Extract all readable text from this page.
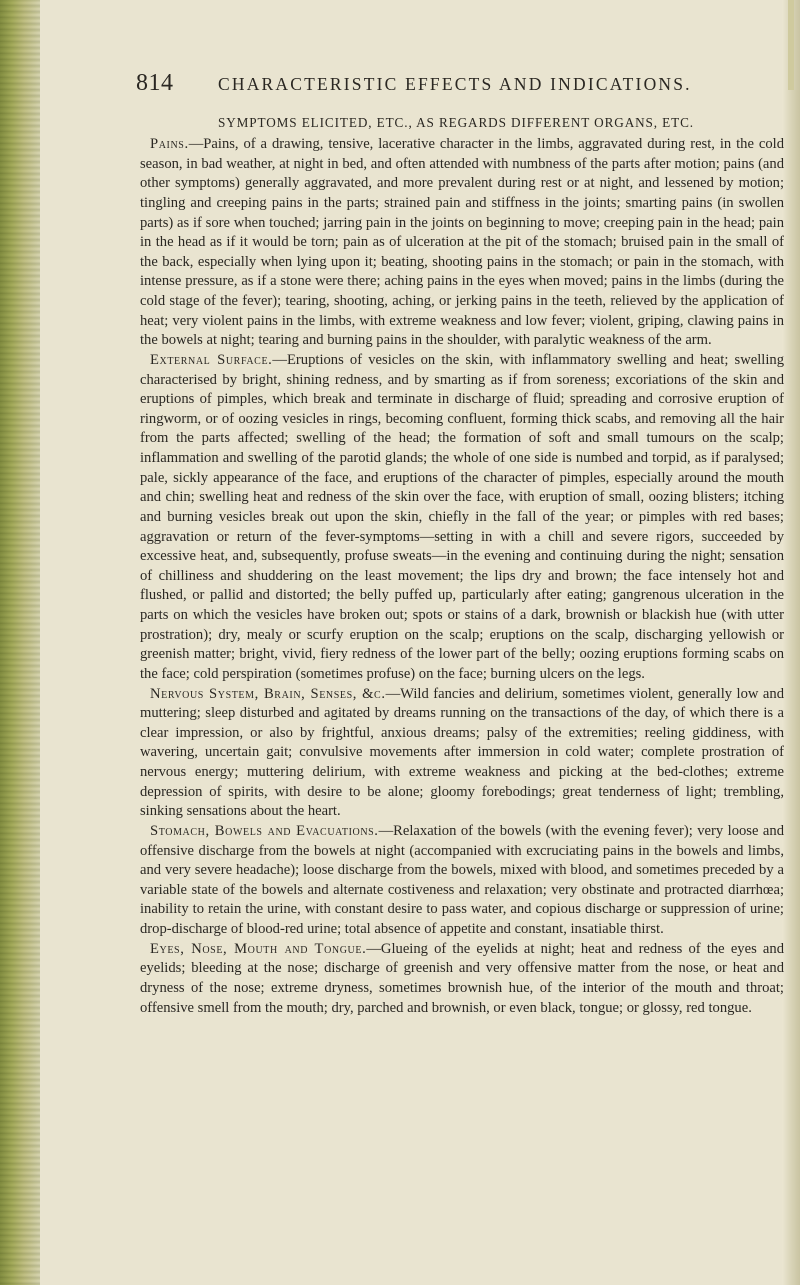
814	CHARACTERISTIC EFFECTS AND INDICATIONS.
SYMPTOMS ELICITED, ETC., AS REGARDS DIFFERENT ORGANS, ETC.

Pains.—Pains, of a drawing, tensive, lacerative character in the limbs, aggravated during rest, in the cold season, in bad weather, at night in bed, and often attended with numbness of the parts after motion; pains (and other symptoms) generally aggravated, and more prevalent during rest or at night, and lessened by motion; tingling and creeping pains in the parts; strained pain and stiffness in the joints; smarting pains (in swollen parts) as if sore when touched; jarring pain in the joints on beginning to move; creeping pain in the head; pain in the head as if it would be torn; pain as of ulceration at the pit of the stomach; bruised pain in the small of the back, especially when lying upon it; beating, shooting pains in the stomach; or pain in the stomach, with intense pressure, as if a stone were there; aching pains in the eyes when moved; pains in the limbs (during the cold stage of the fever); tearing, shooting, aching, or jerking pains in the teeth, relieved by the application of heat; very violent pains in the limbs, with extreme weakness and low fever; violent, griping, clawing pains in the bowels at night; tearing and burning pains in the shoulder, with paralytic weakness of the arm.

External Surface.—Eruptions of vesicles on the skin, with inflammatory swelling and heat; swelling characterised by bright, shining redness, and by smarting as if from soreness; excoriations of the skin and eruptions of pimples, which break and terminate in discharge of fluid; spreading and corrosive eruption of ringworm, or of oozing vesicles in rings, becoming confluent, forming thick scabs, and removing all the hair from the parts affected; swelling of the head; the formation of soft and small tumours on the scalp; inflammation and swelling of the parotid glands; the whole of one side is numbed and torpid, as if paralysed; pale, sickly appearance of the face, and eruptions of the character of pimples, especially around the mouth and chin; swelling heat and redness of the skin over the face, with eruption of small, oozing blisters; itching and burning vesicles break out upon the skin, chiefly in the fall of the year; or pimples with red bases; aggravation or return of the fever-symptoms—setting in with a chill and severe rigors, succeeded by excessive heat, and, subsequently, profuse sweats—in the evening and continuing during the night; sensation of chilliness and shuddering on the least movement; the lips dry and brown; the face intensely hot and flushed, or pallid and distorted; the belly puffed up, particularly after eating; gangrenous ulceration in the parts on which the vesicles have broken out; spots or stains of a dark, brownish or blackish hue (with utter prostration); dry, mealy or scurfy eruption on the scalp; eruptions on the scalp, discharging yellowish or greenish matter; bright, vivid, fiery redness of the lower part of the belly; oozing eruptions forming scabs on the face; cold perspiration (sometimes profuse) on the face; burning ulcers on the legs.

Nervous System, Brain, Senses, &c.—Wild fancies and delirium, sometimes violent, generally low and muttering; sleep disturbed and agitated by dreams running on the transactions of the day, of which there is a clear impression, or also by frightful, anxious dreams; palsy of the extremities; reeling giddiness, with wavering, uncertain gait; convulsive movements after immersion in cold water; complete prostration of nervous energy; muttering delirium, with extreme weakness and picking at the bed-clothes; extreme depression of spirits, with desire to be alone; gloomy forebodings; great tenderness of light; trembling, sinking sensations about the heart.

Stomach, Bowels and Evacuations.—Relaxation of the bowels (with the evening fever); very loose and offensive discharge from the bowels at night (accompanied with excruciating pains in the bowels and limbs, and very severe headache); loose discharge from the bowels, mixed with blood, and sometimes preceded by a variable state of the bowels and alternate costiveness and relaxation; very obstinate and protracted diarrhœa; inability to retain the urine, with constant desire to pass water, and copious discharge or suppression of urine; drop-discharge of blood-red urine; total absence of appetite and constant, insatiable thirst.

Eyes, Nose, Mouth and Tongue.—Glueing of the eyelids at night; heat and redness of the eyes and eyelids; bleeding at the nose; discharge of greenish and very offensive matter from the nose, or heat and dryness of the nose; extreme dryness, sometimes brownish hue, of the interior of the mouth and throat; offensive smell from the mouth; dry, parched and brownish, or even black, tongue; or glossy, red tongue.
